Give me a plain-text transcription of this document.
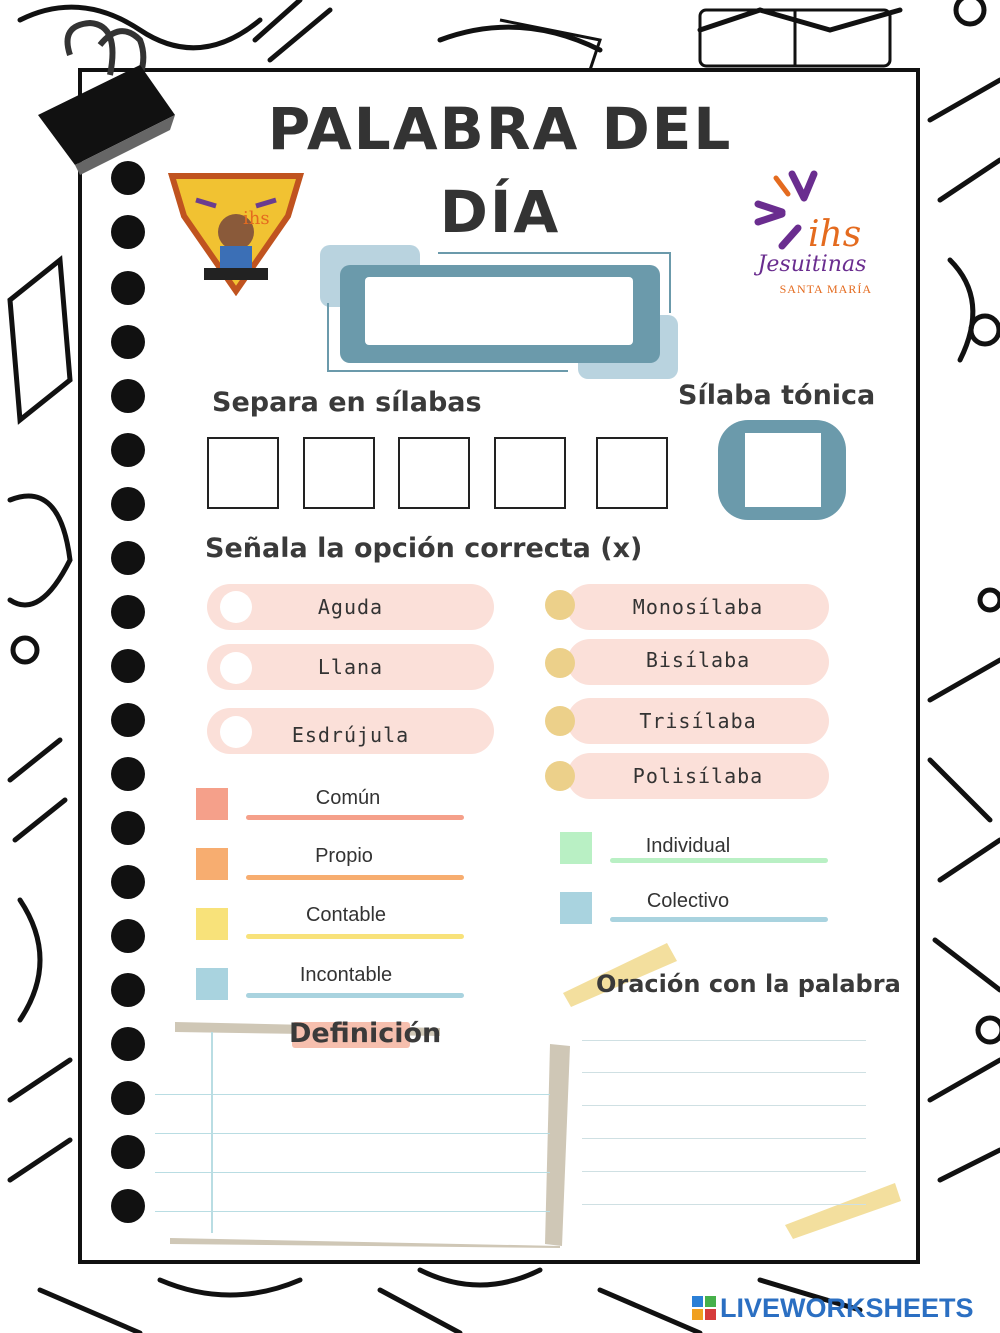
PALABRA DEL
DÍA
ihs	ihs
Jesuitinas
SANTA MARÍA
Separa en sílabas	Sílaba tónica
Señala la opción correcta (x)
Aguda
Llana
Esdrújula
Monosílaba
Bisílaba
Trisílaba
Polisílaba
Común
Propio
Contable
Incontable
Individual
Colectivo
Definición
Oración con la palabra
LIVEWORKSHEETS
